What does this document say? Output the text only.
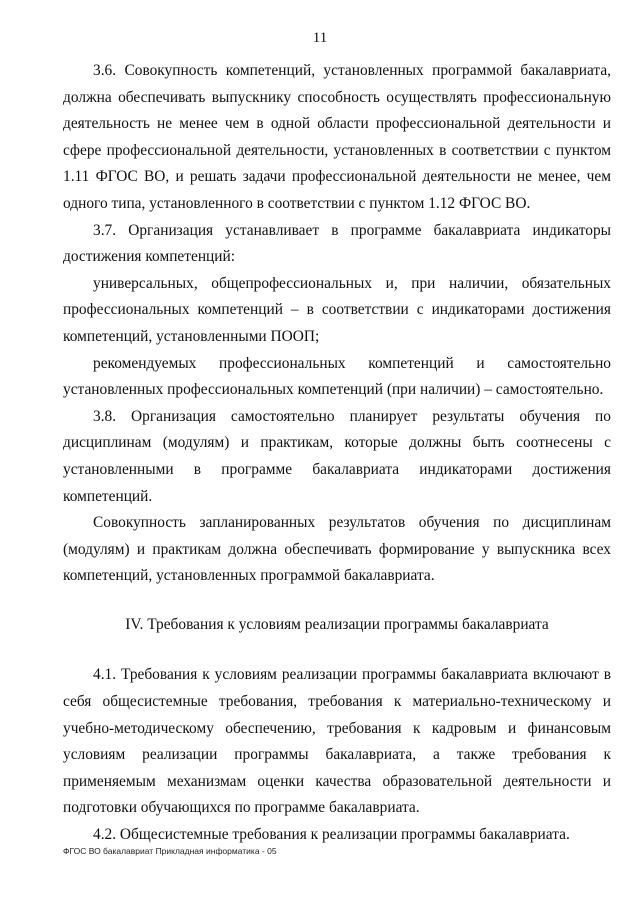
11

3.6. Совокупность компетенций, установленных программой бакалавриата, должна обеспечивать выпускнику способность осуществлять профессиональную деятельность не менее чем в одной области профессиональной деятельности и сфере профессиональной деятельности, установленных в соответствии с пунктом 1.11 ФГОС ВО, и решать задачи профессиональной деятельности не менее, чем одного типа, установленного в соответствии с пунктом 1.12 ФГОС ВО.

3.7. Организация устанавливает в программе бакалавриата индикаторы достижения компетенций:

универсальных, общепрофессиональных и, при наличии, обязательных профессиональных компетенций – в соответствии с индикаторами достижения компетенций, установленными ПООП;

рекомендуемых профессиональных компетенций и самостоятельно установленных профессиональных компетенций (при наличии) – самостоятельно.

3.8. Организация самостоятельно планирует результаты обучения по дисциплинам (модулям) и практикам, которые должны быть соотнесены с установленными в программе бакалавриата индикаторами достижения компетенций.

Совокупность запланированных результатов обучения по дисциплинам (модулям) и практикам должна обеспечивать формирование у выпускника всех компетенций, установленных программой бакалавриата.

IV. Требования к условиям реализации программы бакалавриата

4.1. Требования к условиям реализации программы бакалавриата включают в себя общесистемные требования, требования к материально-техническому и учебно-методическому обеспечению, требования к кадровым и финансовым условиям реализации программы бакалавриата, а также требования к применяемым механизмам оценки качества образовательной деятельности и подготовки обучающихся по программе бакалавриата.

4.2. Общесистемные требования к реализации программы бакалавриата.

ФГОС ВО бакалавриат Прикладная информатика - 05
